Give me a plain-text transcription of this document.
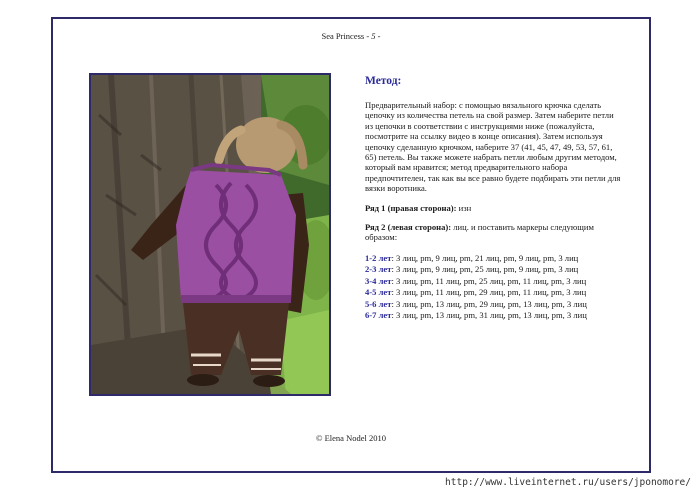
Sea Princess - 5 -
Метод:
Предварительный набор: с помощью вязального крючка сделать цепочку из количества петель на свой размер. Затем наберите петли из цепочки в соответствии с инструкциями ниже (пожалуйста, посмотрите на ссылку видео в конце описания). Затем используя цепочку сделанную крючком, наберите 37 (41, 45, 47, 49, 53, 57, 61, 65) петель. Вы также можете набрать петли любым другим методом, который вам нравится; метод предварительного набора предпочтителен, так как вы все равно будете подбирать эти петли для вязки воротника.
Ряд 1 (правая сторона): изн
Ряд 2 (левая сторона): лиц. и поставить маркеры следующим образом:
1-2 лет: 3 лиц, pm, 9 лиц, pm, 21 лиц, pm, 9 лиц, pm, 3 лиц
2-3 лет: 3 лиц, pm, 9 лиц, pm, 25 лиц, pm, 9 лиц, pm, 3 лиц
3-4 лет: 3 лиц, pm, 11 лиц, pm, 25 лиц, pm, 11 лиц, pm, 3 лиц
4-5 лет: 3 лиц, pm, 11 лиц, pm, 29 лиц, pm, 11 лиц, pm, 3 лиц
5-6 лет: 3 лиц, pm, 13 лиц, pm, 29 лиц, pm, 13 лиц, pm, 3 лиц
6-7 лет: 3 лиц, pm, 13 лиц, pm, 31 лиц, pm, 13 лиц, pm, 3 лиц
© Elena Nodel 2010
http://www.liveinternet.ru/users/jponomore/
